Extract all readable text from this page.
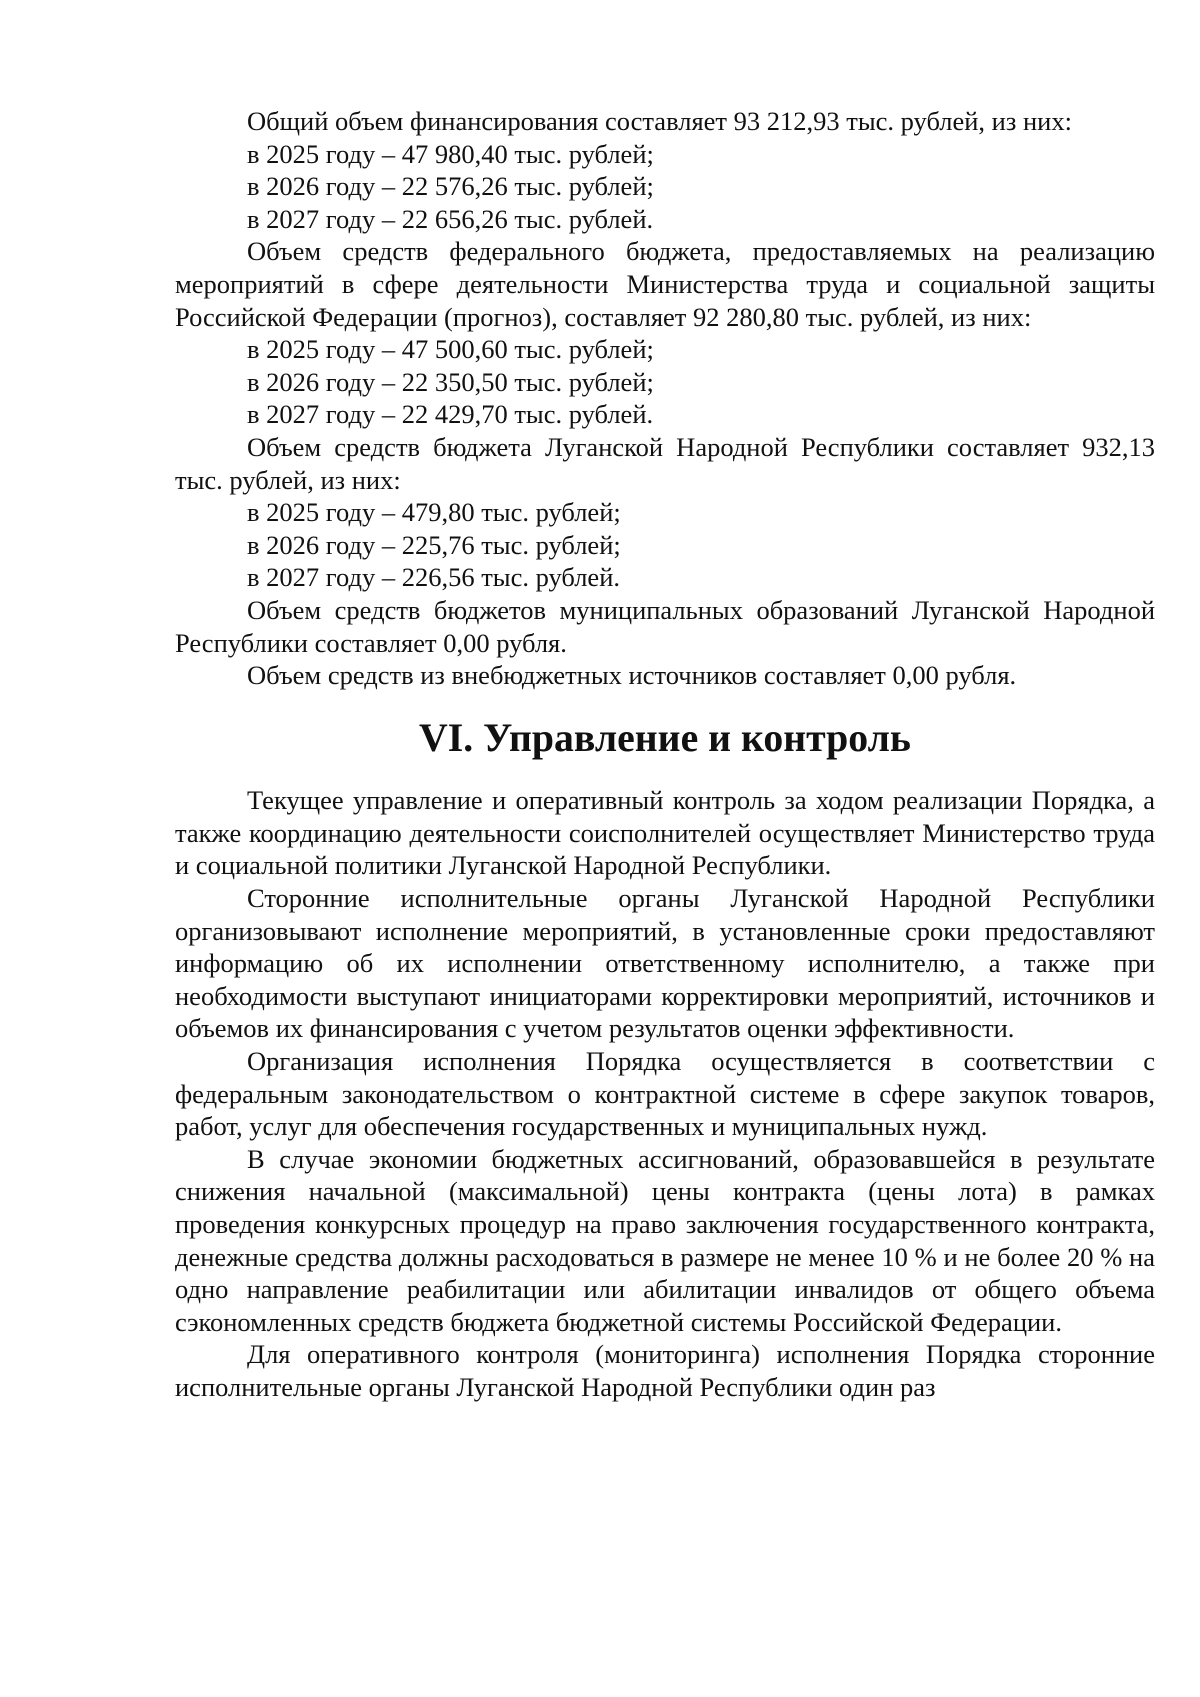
Общий объем финансирования составляет 93 212,93 тыс. рублей, из них:

в 2025 году – 47 980,40 тыс. рублей;

в 2026 году – 22 576,26 тыс. рублей;

в 2027 году – 22 656,26 тыс. рублей.

Объем средств федерального бюджета, предоставляемых на реализацию мероприятий в сфере деятельности Министерства труда и социальной защиты Российской Федерации (прогноз), составляет 92 280,80 тыс. рублей, из них:

в 2025 году – 47 500,60 тыс. рублей;

в 2026 году – 22 350,50 тыс. рублей;

в 2027 году – 22 429,70 тыс. рублей.

Объем средств бюджета Луганской Народной Республики составляет 932,13 тыс. рублей, из них:

в 2025 году – 479,80 тыс. рублей;

в 2026 году – 225,76 тыс. рублей;

в 2027 году – 226,56 тыс. рублей.

Объем средств бюджетов муниципальных образований Луганской Народной Республики составляет 0,00 рубля.

Объем средств из внебюджетных источников составляет 0,00 рубля.

VI. Управление и контроль

Текущее управление и оперативный контроль за ходом реализации Порядка, а также координацию деятельности соисполнителей осуществляет Министерство труда и социальной политики Луганской Народной Республики.

Сторонние исполнительные органы Луганской Народной Республики организовывают исполнение мероприятий, в установленные сроки предоставляют информацию об их исполнении ответственному исполнителю, а также при необходимости выступают инициаторами корректировки мероприятий, источников и объемов их финансирования с учетом результатов оценки эффективности.

Организация исполнения Порядка осуществляется в соответствии с федеральным законодательством о контрактной системе в сфере закупок товаров, работ, услуг для обеспечения государственных и муниципальных нужд.

В случае экономии бюджетных ассигнований, образовавшейся в результате снижения начальной (максимальной) цены контракта (цены лота) в рамках проведения конкурсных процедур на право заключения государственного контракта, денежные средства должны расходоваться в размере не менее 10 % и не более 20 % на одно направление реабилитации или абилитации инвалидов от общего объема сэкономленных средств бюджета бюджетной системы Российской Федерации.

Для оперативного контроля (мониторинга) исполнения Порядка сторонние исполнительные органы Луганской Народной Республики один раз
